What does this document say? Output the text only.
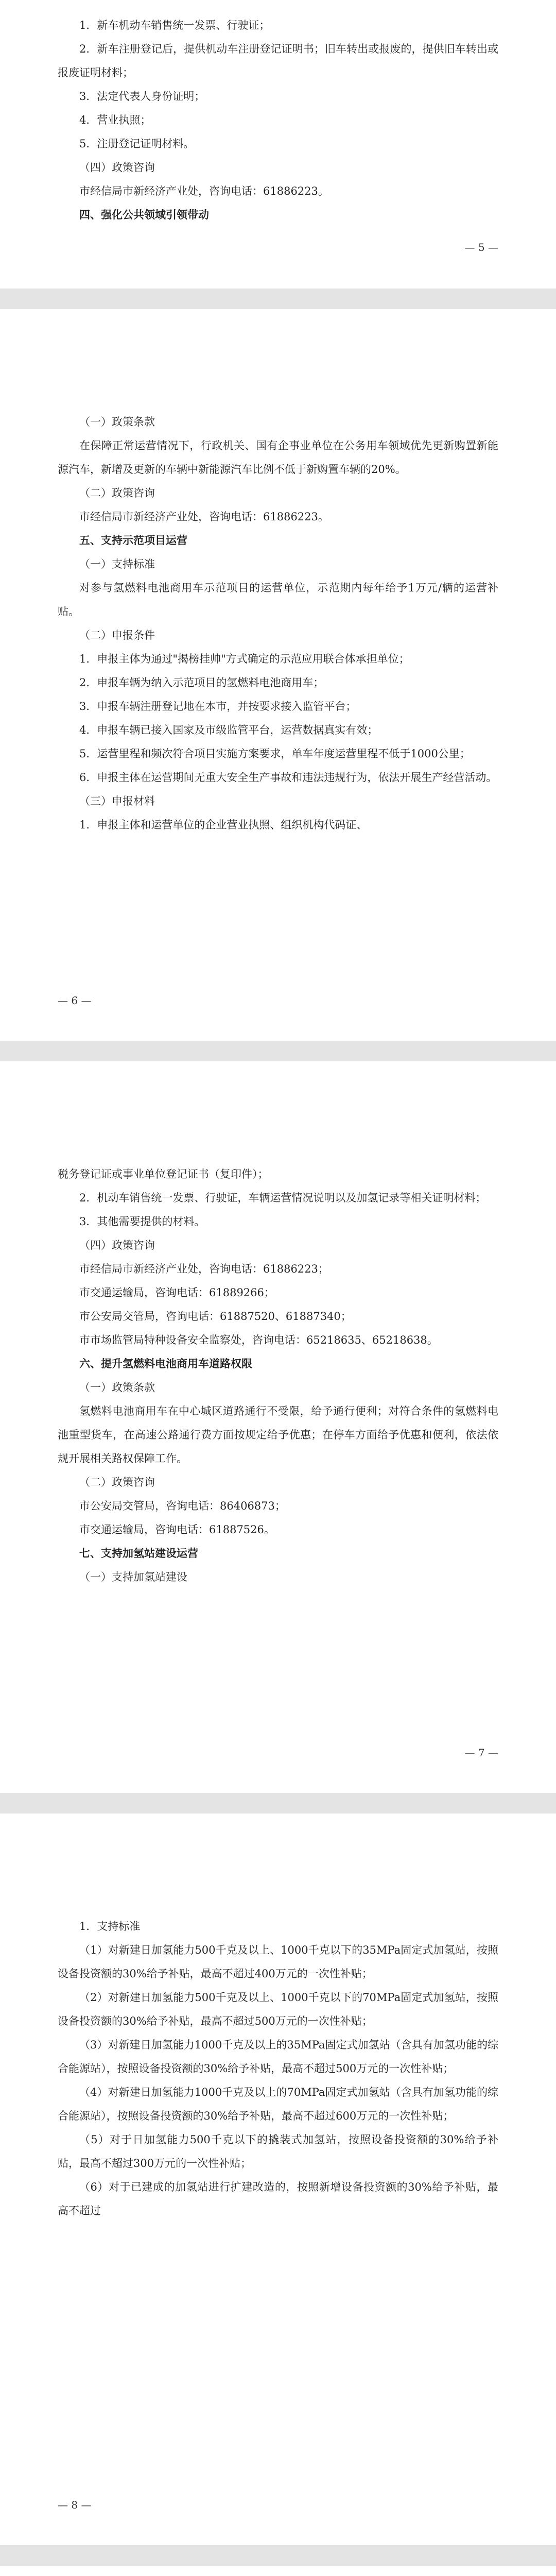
1．新车机动车销售统一发票、行驶证；

2．新车注册登记后，提供机动车注册登记证明书；旧车转出或报废的，提供旧车转出或报废证明材料；

3．法定代表人身份证明；

4．营业执照；

5．注册登记证明材料。

（四）政策咨询

市经信局市新经济产业处，咨询电话：61886223。

四、强化公共领域引领带动

— 5 —

（一）政策条款

在保障正常运营情况下，行政机关、国有企事业单位在公务用车领域优先更新购置新能源汽车，新增及更新的车辆中新能源汽车比例不低于新购置车辆的20%。

（二）政策咨询

市经信局市新经济产业处，咨询电话：61886223。

五、支持示范项目运营

（一）支持标准

对参与氢燃料电池商用车示范项目的运营单位，示范期内每年给予1万元/辆的运营补贴。

（二）申报条件

1．申报主体为通过"揭榜挂帅"方式确定的示范应用联合体承担单位；

2．申报车辆为纳入示范项目的氢燃料电池商用车；

3．申报车辆注册登记地在本市，并按要求接入监管平台；

4．申报车辆已接入国家及市级监管平台，运营数据真实有效；

5．运营里程和频次符合项目实施方案要求，单车年度运营里程不低于1000公里；

6．申报主体在运营期间无重大安全生产事故和违法违规行为，依法开展生产经营活动。

（三）申报材料

1．申报主体和运营单位的企业营业执照、组织机构代码证、

— 6 —

税务登记证或事业单位登记证书（复印件）；

2．机动车销售统一发票、行驶证，车辆运营情况说明以及加氢记录等相关证明材料；

3．其他需要提供的材料。

（四）政策咨询

市经信局市新经济产业处，咨询电话：61886223；

市交通运输局，咨询电话：61889266；

市公安局交管局，咨询电话：61887520、61887340；

市市场监管局特种设备安全监察处，咨询电话：65218635、65218638。

六、提升氢燃料电池商用车道路权限

（一）政策条款

氢燃料电池商用车在中心城区道路通行不受限，给予通行便利；对符合条件的氢燃料电池重型货车，在高速公路通行费方面按规定给予优惠；在停车方面给予优惠和便利，依法依规开展相关路权保障工作。

（二）政策咨询

市公安局交管局，咨询电话：86406873；

市交通运输局，咨询电话：61887526。

七、支持加氢站建设运营

（一）支持加氢站建设

— 7 —

1．支持标准

（1）对新建日加氢能力500千克及以上、1000千克以下的35MPa固定式加氢站，按照设备投资额的30%给予补贴，最高不超过400万元的一次性补贴；

（2）对新建日加氢能力500千克及以上、1000千克以下的70MPa固定式加氢站，按照设备投资额的30%给予补贴，最高不超过500万元的一次性补贴；

（3）对新建日加氢能力1000千克及以上的35MPa固定式加氢站（含具有加氢功能的综合能源站），按照设备投资额的30%给予补贴，最高不超过500万元的一次性补贴；

（4）对新建日加氢能力1000千克及以上的70MPa固定式加氢站（含具有加氢功能的综合能源站），按照设备投资额的30%给予补贴，最高不超过600万元的一次性补贴；

（5）对于日加氢能力500千克以下的撬装式加氢站，按照设备投资额的30%给予补贴，最高不超过300万元的一次性补贴；

（6）对于已建成的加氢站进行扩建改造的，按照新增设备投资额的30%给予补贴，最高不超过

— 8 —
